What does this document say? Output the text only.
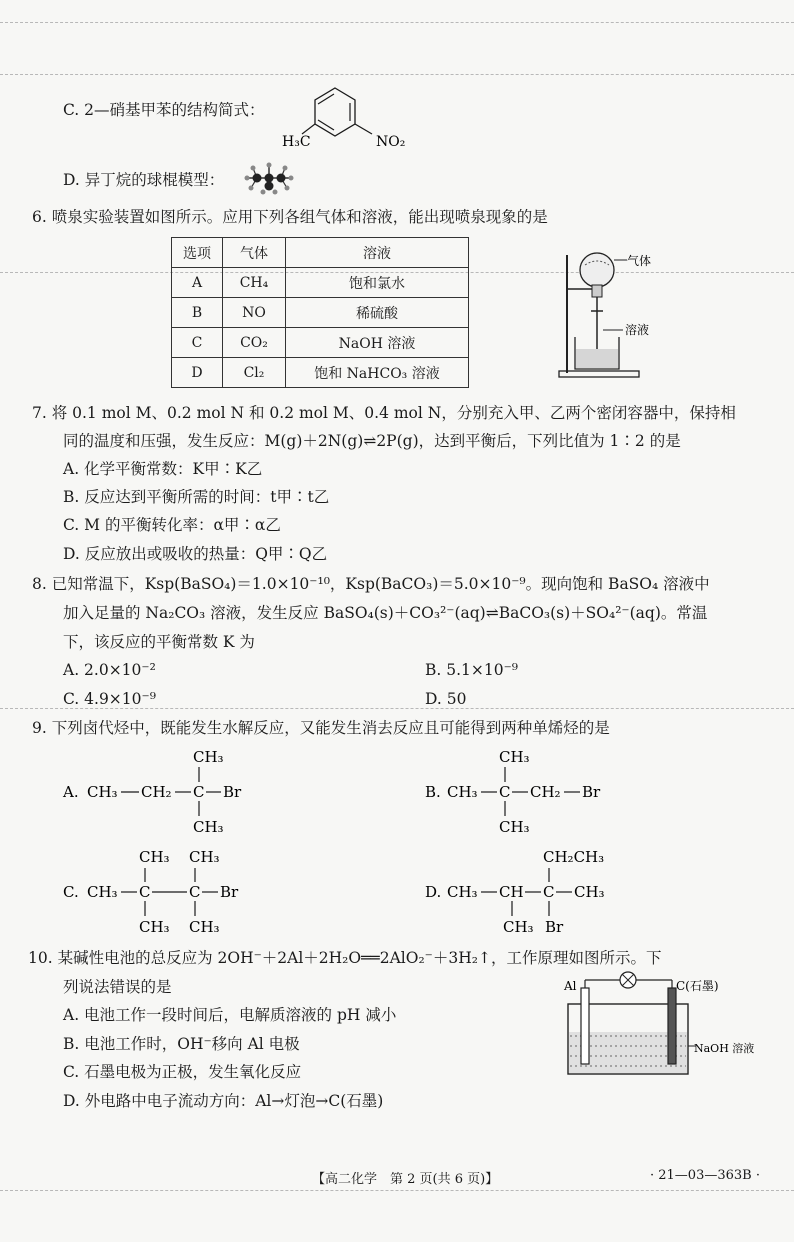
C. 2—硝基甲苯的结构简式：
H₃C	NO₂
D. 异丁烷的球棍模型：
6. 喷泉实验装置如图所示。应用下列各组气体和溶液，能出现喷泉现象的是
选项	气体	溶液
A	CH₄	饱和氯水
B	NO	稀硫酸
C	CO₂	NaOH 溶液
D	Cl₂	饱和 NaHCO₃ 溶液
气体
溶液
7. 将 0.1 mol M、0.2 mol N 和 0.2 mol M、0.4 mol N，分别充入甲、乙两个密闭容器中，保持相
同的温度和压强，发生反应：M(g)＋2N(g)⇌2P(g)，达到平衡后，下列比值为 1∶2 的是
A. 化学平衡常数：K甲∶K乙
B. 反应达到平衡所需的时间：t甲∶t乙
C. M 的平衡转化率：α甲∶α乙
D. 反应放出或吸收的热量：Q甲∶Q乙
8. 已知常温下，Ksp(BaSO₄)＝1.0×10⁻¹⁰，Ksp(BaCO₃)＝5.0×10⁻⁹。现向饱和 BaSO₄ 溶液中
加入足量的 Na₂CO₃ 溶液，发生反应 BaSO₄(s)＋CO₃²⁻(aq)⇌BaCO₃(s)＋SO₄²⁻(aq)。常温
下，该反应的平衡常数 K 为
A. 2.0×10⁻²	B. 5.1×10⁻⁹
C. 4.9×10⁻⁹	D. 50
9. 下列卤代烃中，既能发生水解反应，又能发生消去反应且可能得到两种单烯烃的是
A. CH₃ CH₂ C Br
CH₃
CH₃
B. CH₃ C CH₂ Br
CH₃
CH₃
C. CH₃ C	C Br
CH₃ CH₃
CH₃ CH₃
D. CH₃ CH C CH₃
CH₃
CH₂CH₃
Br
10. 某碱性电池的总反应为 2OH⁻＋2Al＋2H₂O══2AlO₂⁻＋3H₂↑，工作原理如图所示。下
列说法错误的是
A. 电池工作一段时间后，电解质溶液的 pH 减小
B. 电池工作时，OH⁻移向 Al 电极
C. 石墨电极为正极，发生氧化反应
D. 外电路中电子流动方向：Al→灯泡→C(石墨)
Al	C(石墨)
NaOH 溶液
【高二化学　第 2 页(共 6 页)】	· 21—03—363B ·
